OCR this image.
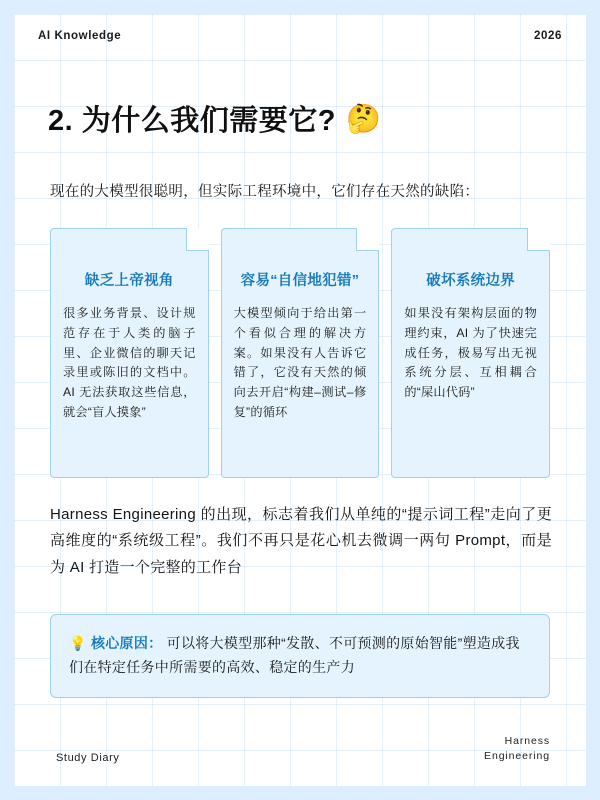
AI Knowledge	2026
2. 为什么我们需要它? 🤔
现在的大模型很聪明，但实际工程环境中，它们存在天然的缺陷：
缺乏上帝视角
很多业务背景、设计规范存在于人类的脑子里、企业微信的聊天记录里或陈旧的文档中。AI 无法获取这些信息，就会“盲人摸象”
容易“自信地犯错”
大模型倾向于给出第一个看似合理的解决方案。如果没有人告诉它错了，它没有天然的倾向去开启“构建–测试–修复”的循环
破坏系统边界
如果没有架构层面的物理约束，AI 为了快速完成任务，极易写出无视系统分层、互相耦合的“屎山代码”
Harness Engineering 的出现，标志着我们从单纯的“提示词工程”走向了更高维度的“系统级工程”。我们不再只是花心机去微调一两句 Prompt，而是为 AI 打造一个完整的工作台
💡 核心原因： 可以将大模型那种“发散、不可预测的原始智能”塑造成我们在特定任务中所需要的高效、稳定的生产力
Study Diary
Harness
Engineering
